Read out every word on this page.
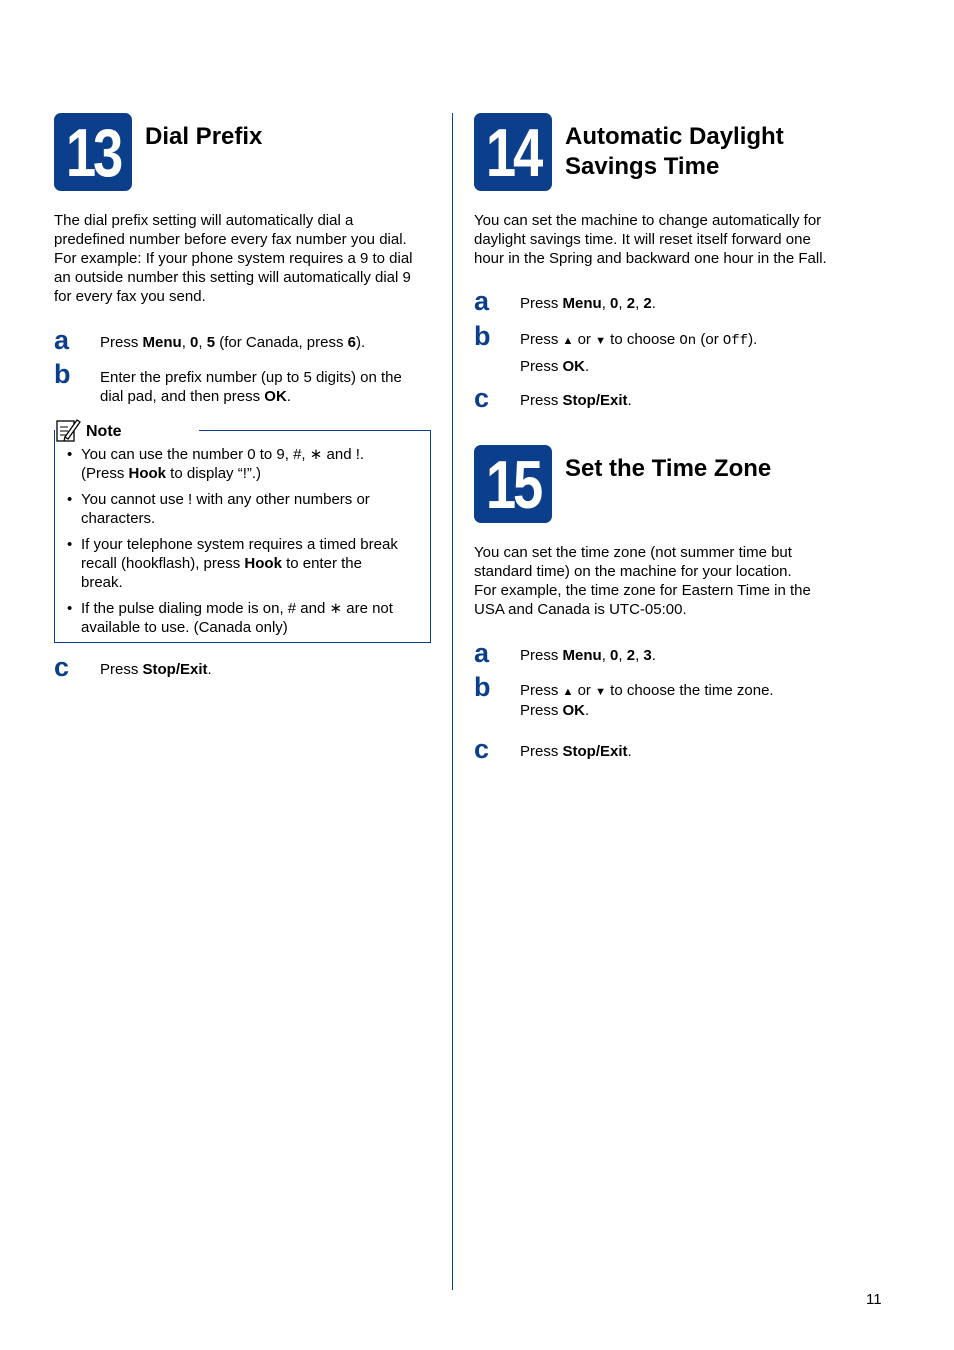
13 Dial Prefix
The dial prefix setting will automatically dial a
predefined number before every fax number you dial.
For example: If your phone system requires a 9 to dial
an outside number this setting will automatically dial 9
for every fax you send.
a Press Menu, 0, 5 (for Canada, press 6).
b Enter the prefix number (up to 5 digits) on the
dial pad, and then press OK.
Note
• You can use the number 0 to 9, #, ∗ and !.
(Press Hook to display “!”.)
• You cannot use ! with any other numbers or
characters.
• If your telephone system requires a timed break
recall (hookflash), press Hook to enter the
break.
• If the pulse dialing mode is on, # and ∗ are not
available to use. (Canada only)
c Press Stop/Exit.
14 Automatic Daylight
Savings Time
You can set the machine to change automatically for
daylight savings time. It will reset itself forward one
hour in the Spring and backward one hour in the Fall.
a Press Menu, 0, 2, 2.
b Press ▲ or ▼ to choose On (or Off).
Press OK.
c Press Stop/Exit.
15 Set the Time Zone
You can set the time zone (not summer time but
standard time) on the machine for your location.
For example, the time zone for Eastern Time in the
USA and Canada is UTC-05:00.
a Press Menu, 0, 2, 3.
b Press ▲ or ▼ to choose the time zone.
Press OK.
c Press Stop/Exit.
11
